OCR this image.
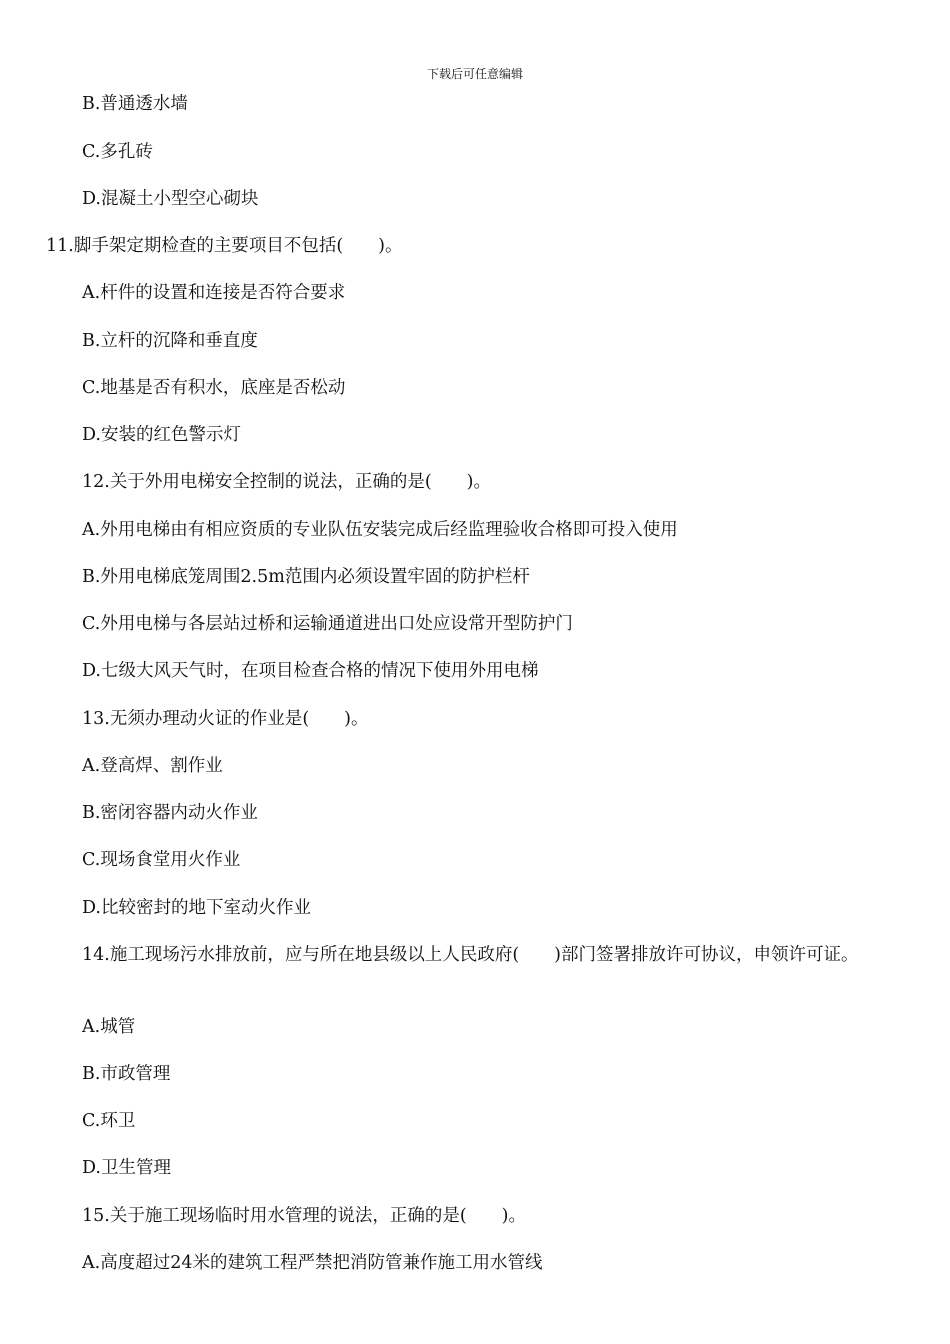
下载后可任意编辑
B.普通透水墙
C.多孔砖
D.混凝土小型空心砌块
11.脚手架定期检查的主要项目不包括(　　)。
A.杆件的设置和连接是否符合要求
B.立杆的沉降和垂直度
C.地基是否有积水，底座是否松动
D.安装的红色警示灯
12.关于外用电梯安全控制的说法，正确的是(　　)。
A.外用电梯由有相应资质的专业队伍安装完成后经监理验收合格即可投入使用
B.外用电梯底笼周围2.5m范围内必须设置牢固的防护栏杆
C.外用电梯与各层站过桥和运输通道进出口处应设常开型防护门
D.七级大风天气时，在项目检查合格的情况下使用外用电梯
13.无须办理动火证的作业是(　　)。
A.登高焊、割作业
B.密闭容器内动火作业
C.现场食堂用火作业
D.比较密封的地下室动火作业
14.施工现场污水排放前，应与所在地县级以上人民政府(　　)部门签署排放许可协议，申领许可证。
A.城管
B.市政管理
C.环卫
D.卫生管理
15.关于施工现场临时用水管理的说法，正确的是(　　)。
A.高度超过24米的建筑工程严禁把消防管兼作施工用水管线
